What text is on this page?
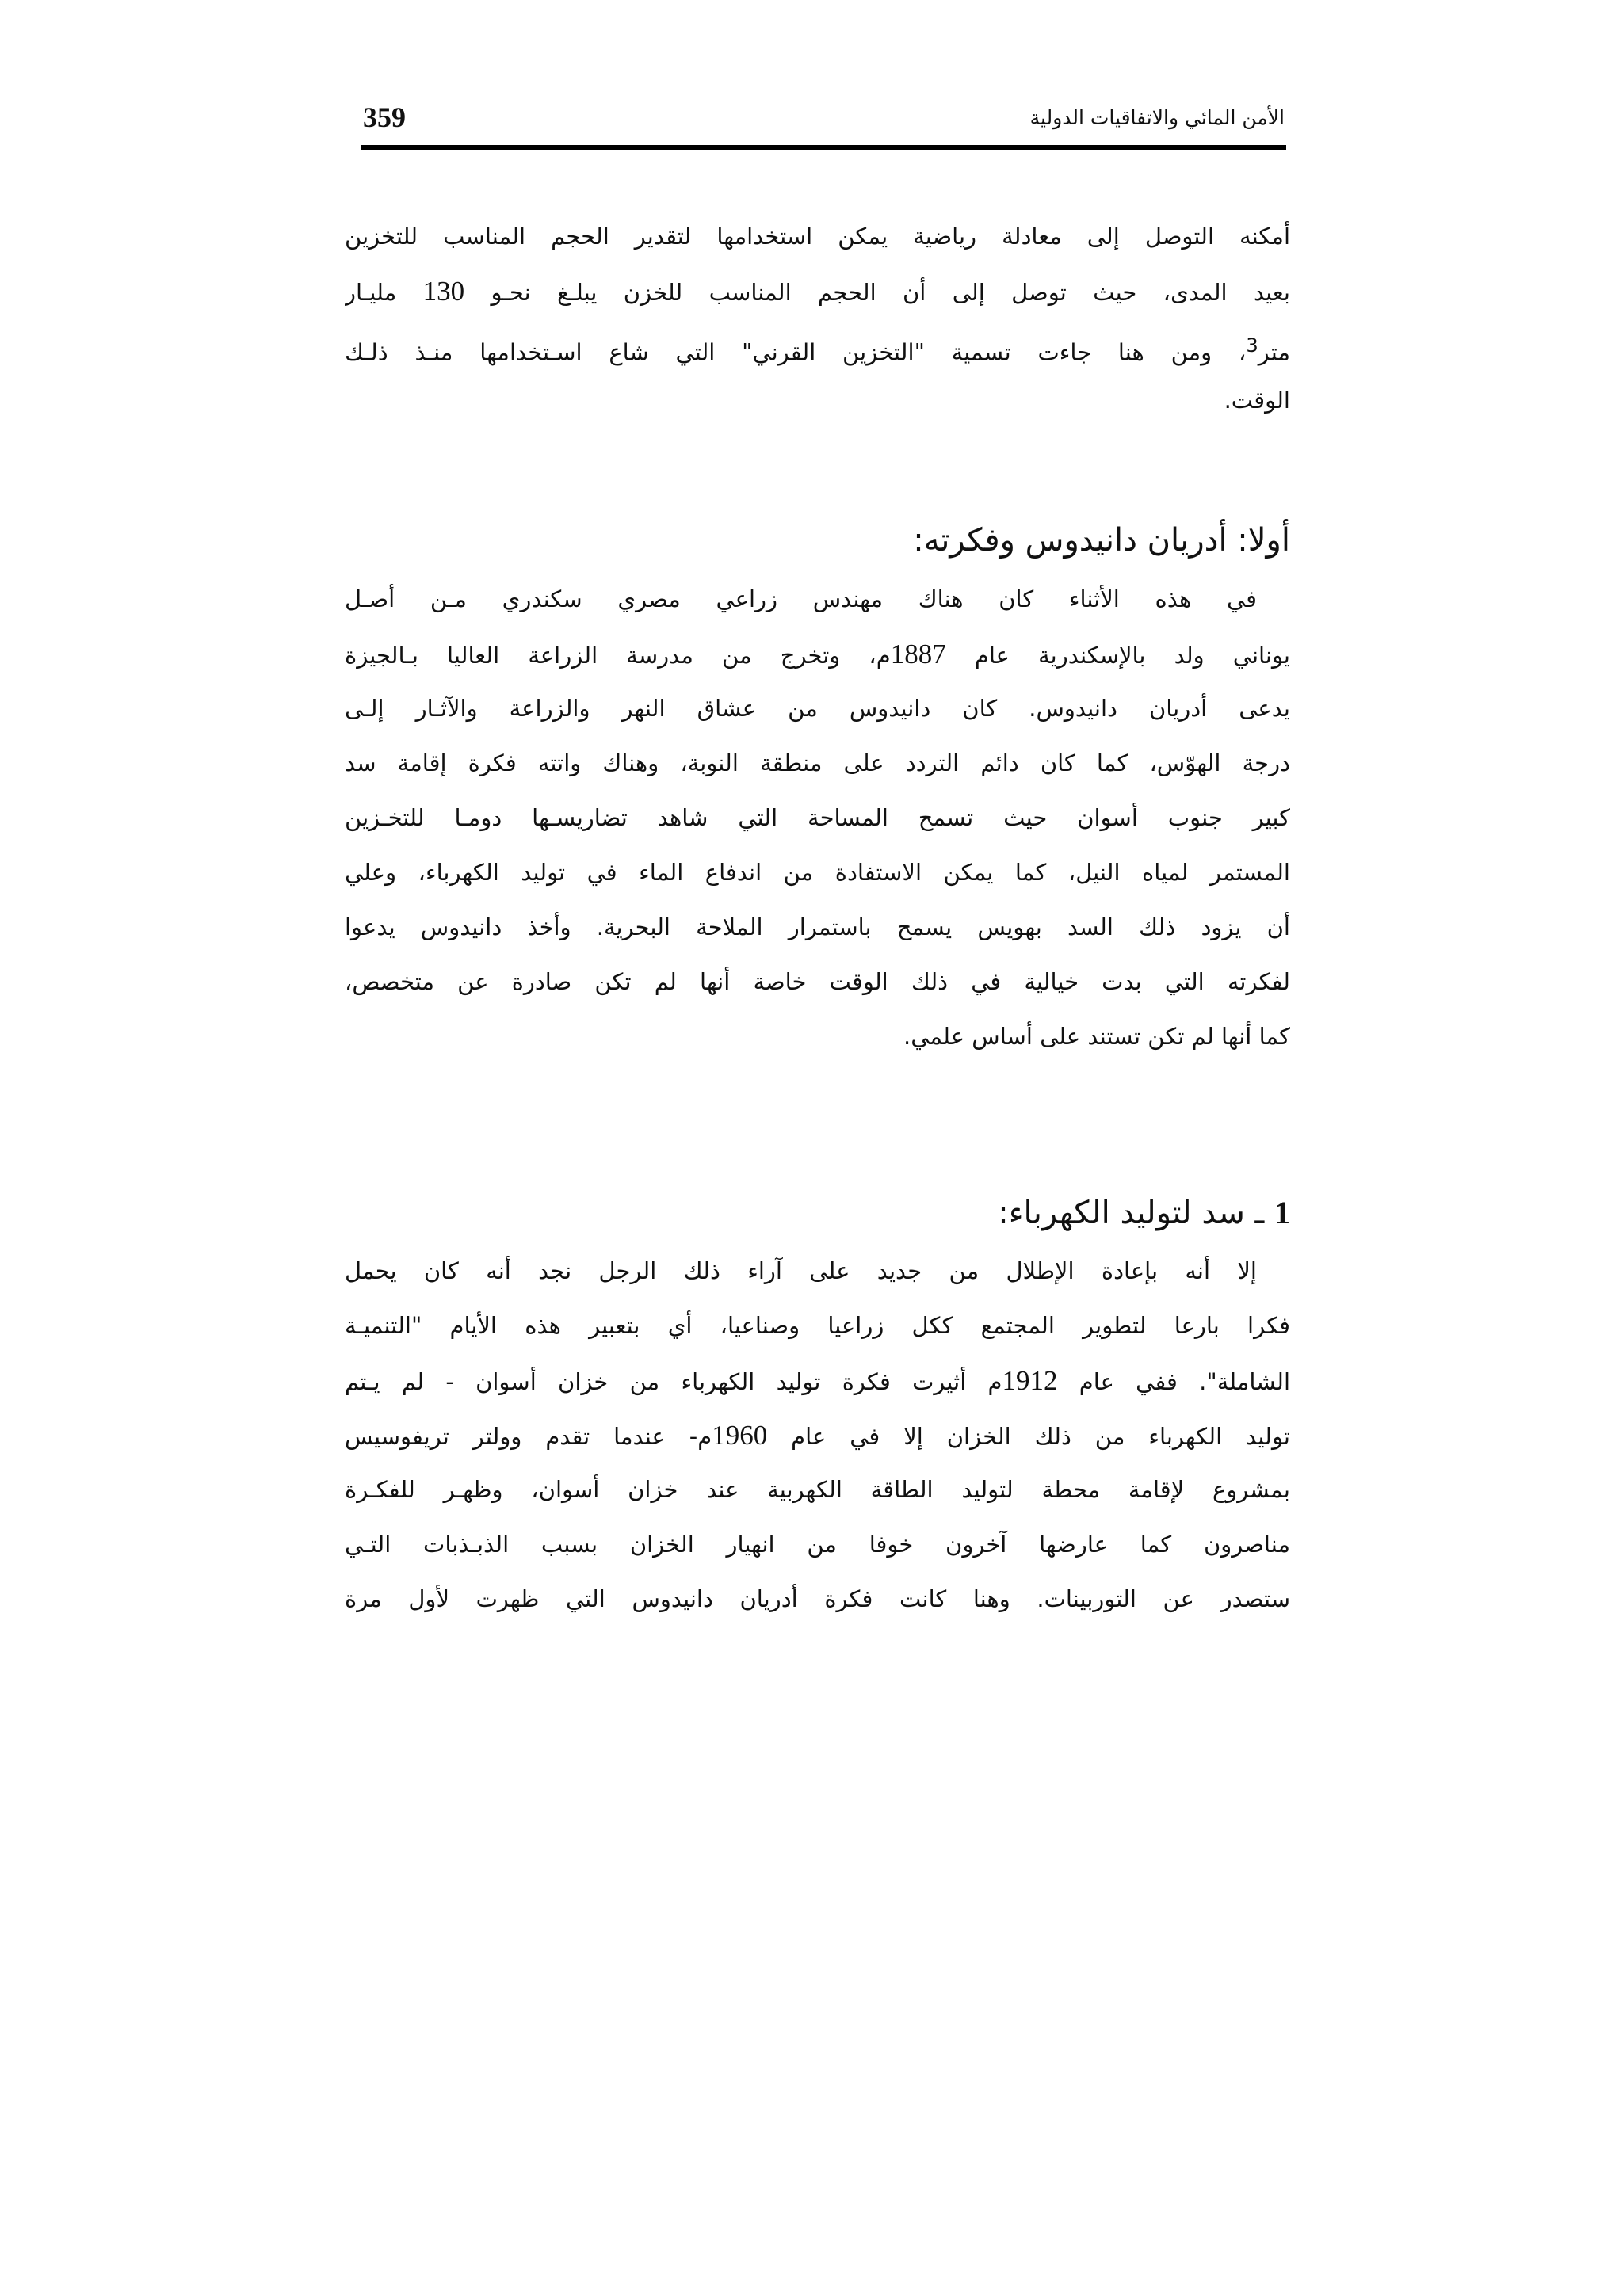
359	الأمن المائي والاتفاقيات الدولية
أمكنه التوصل إلى معادلة رياضية يمكن استخدامها لتقدير الحجم المناسب للتخزين
بعيد المدى، حيث توصل إلى أن الحجم المناسب للخزن يبلـغ نحـو 130 مليـار
متر$^3$، ومن هنا جاءت تسمية "التخزين القرني" التي شاع اسـتخدامها منـذ ذلـك
الوقت.
أولا: أدريان دانيدوس وفكرته:
في هذه الأثناء كان هناك مهندس زراعي مصري سكندري مـن أصـل
يوناني ولد بالإسكندرية عام 1887م، وتخرج من مدرسة الزراعة العاليا بـالجيزة
يدعى أدريان دانيدوس. كان دانيدوس من عشاق النهر والزراعة والآثـار إلـى
درجة الهوّس، كما كان دائم التردد على منطقة النوبة، وهناك واتته فكرة إقامة سد
كبير جنوب أسوان حيث تسمح المساحة التي شاهد تضاريسـها دومـا للتخـزين
المستمر لمياه النيل، كما يمكن الاستفادة من اندفاع الماء في توليد الكهرباء، وعلي
أن يزود ذلك السد بهويس يسمح باستمرار الملاحة البحرية. وأخذ دانيدوس يدعوا
لفكرته التي بدت خيالية في ذلك الوقت خاصة أنها لم تكن صادرة عن متخصص،
كما أنها لم تكن تستند على أساس علمي.
1 ـ سد لتوليد الكهرباء:
إلا أنه بإعادة الإطلال من جديد على آراء ذلك الرجل نجد أنه كان يحمل
فكرا بارعا لتطوير المجتمع ككل زراعيا وصناعيا، أي بتعبير هذه الأيام "التنميـة
الشاملة". ففي عام 1912م أثيرت فكرة توليد الكهرباء من خزان أسوان - لم يـتم
توليد الكهرباء من ذلك الخزان إلا في عام 1960م- عندما تقدم وولتر تريفوسيس
بمشروع لإقامة محطة لتوليد الطاقة الكهربية عند خزان أسوان، وظهـر للفكـرة
مناصرون كما عارضها آخرون خوفا من انهيار الخزان بسبب الذبـذبات التـي
ستصدر عن التوربينات. وهنا كانت فكرة أدريان دانيدوس التي ظهرت لأول مرة
